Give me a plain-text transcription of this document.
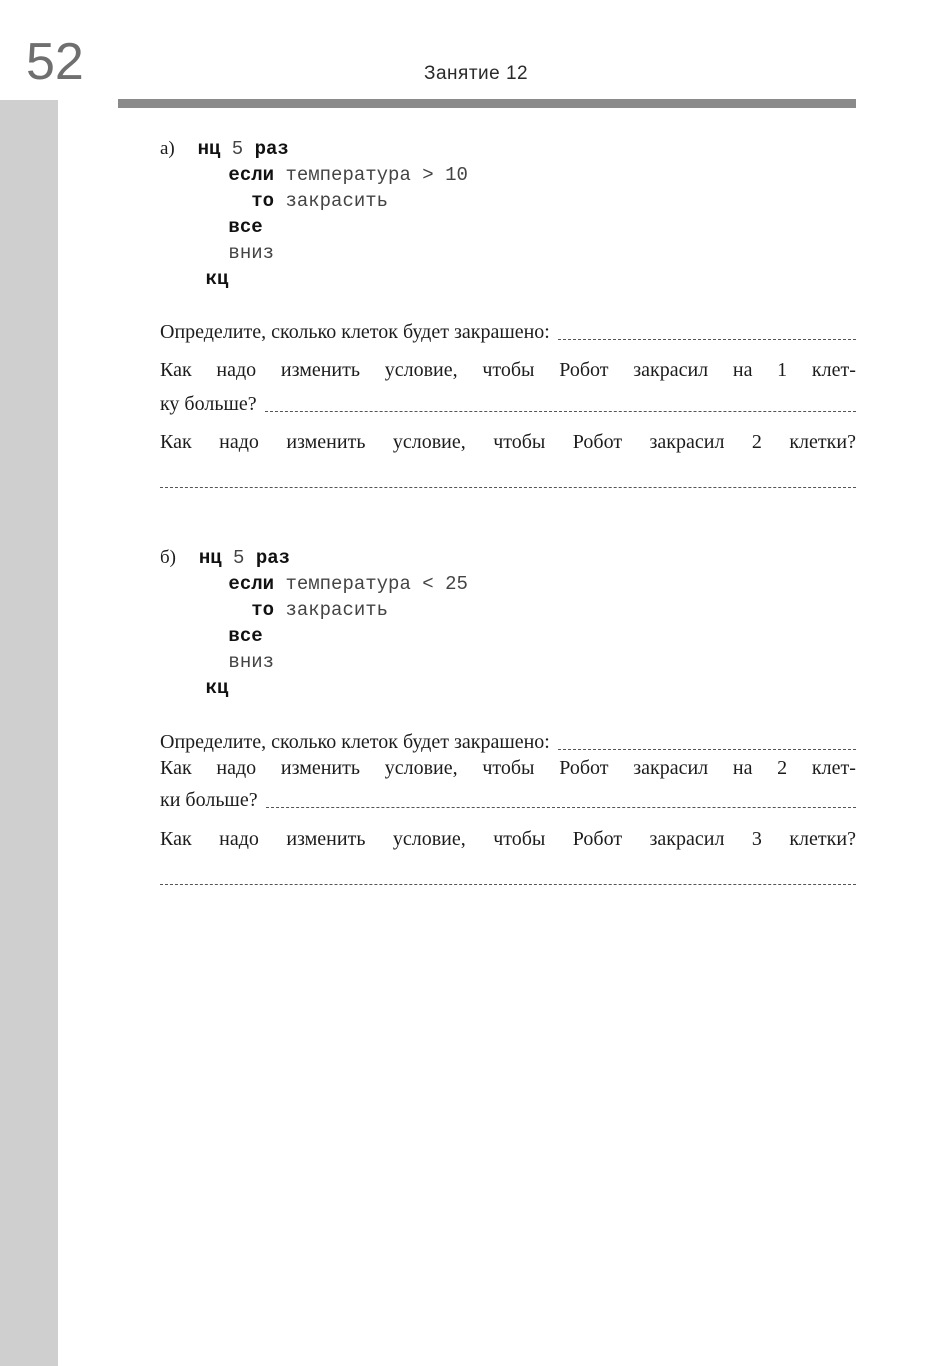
52	Занятие 12
а) нц 5 раз
если температура > 10
то закрасить
все
вниз
кц
Определите, сколько клеток будет закрашено:
Как надо изменить условие, чтобы Робот закрасил на 1 клет-
ку больше?
Как надо изменить условие, чтобы Робот закрасил 2 клетки?
б) нц 5 раз
если температура < 25
то закрасить
все
вниз
кц
Определите, сколько клеток будет закрашено:
Как надо изменить условие, чтобы Робот закрасил на 2 клет-
ки больше?
Как надо изменить условие, чтобы Робот закрасил 3 клетки?
